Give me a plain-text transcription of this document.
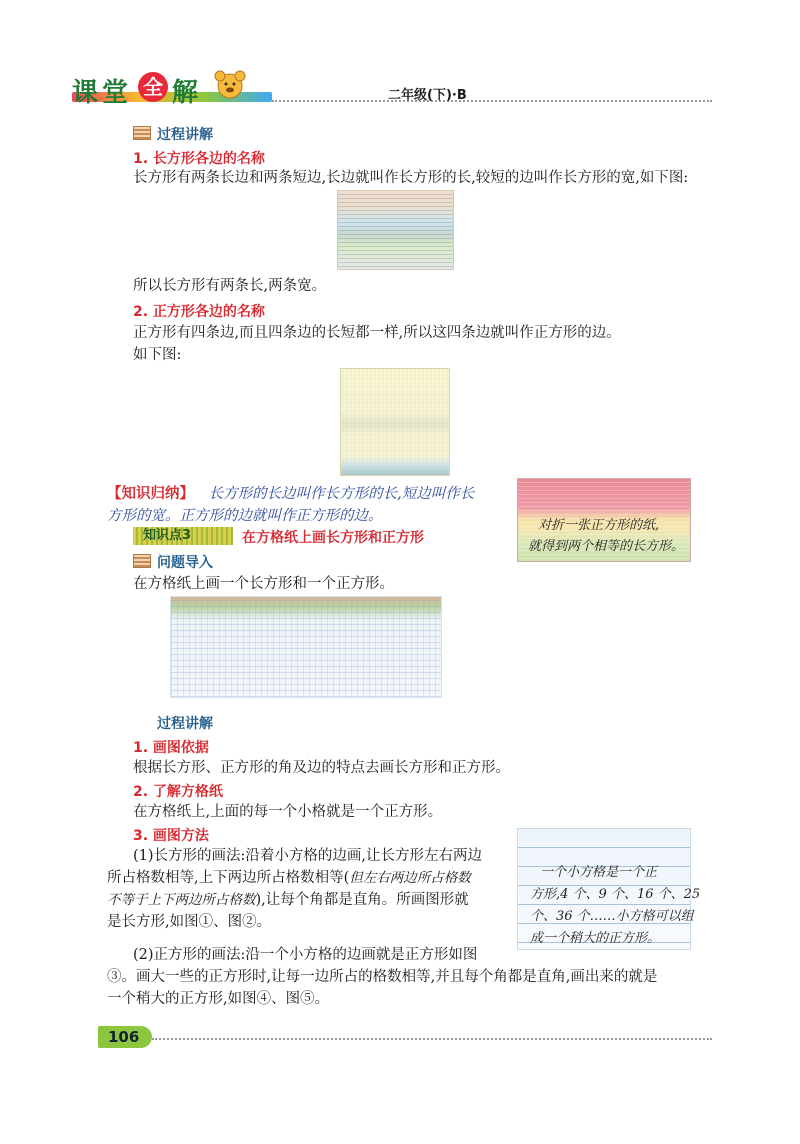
课 堂 全 解	二年级(下)·B
过程讲解
1. 长方形各边的名称
长方形有两条长边和两条短边,长边就叫作长方形的长,较短的边叫作长方形的宽,如下图:
所以长方形有两条长,两条宽。
2. 正方形各边的名称
正方形有四条边,而且四条边的长短都一样,所以这四条边就叫作正方形的边。
如下图:
【知识归纳】 长方形的长边叫作长方形的长,短边叫作长
方形的宽。正方形的边就叫作正方形的边。
对折一张正方形的纸,
就得到两个相等的长方形。
知识点3	在方格纸上画长方形和正方形
问题导入
在方格纸上画一个长方形和一个正方形。
过程讲解
1. 画图依据
根据长方形、正方形的角及边的特点去画长方形和正方形。
2. 了解方格纸
在方格纸上,上面的每一个小格就是一个正方形。
3. 画图方法
(1)长方形的画法:沿着小方格的边画,让长方形左右两边
所占格数相等,上下两边所占格数相等(但左右两边所占格数
不等于上下两边所占格数),让每个角都是直角。所画图形就
是长方形,如图①、图②。
(2)正方形的画法:沿一个小方格的边画就是正方形如图
③。画大一些的正方形时,让每一边所占的格数相等,并且每个角都是直角,画出来的就是
一个稍大的正方形,如图④、图⑤。
一个小方格是一个正
方形,4 个、9 个、16 个、25
个、36 个……小方格可以组
成一个稍大的正方形。
106
